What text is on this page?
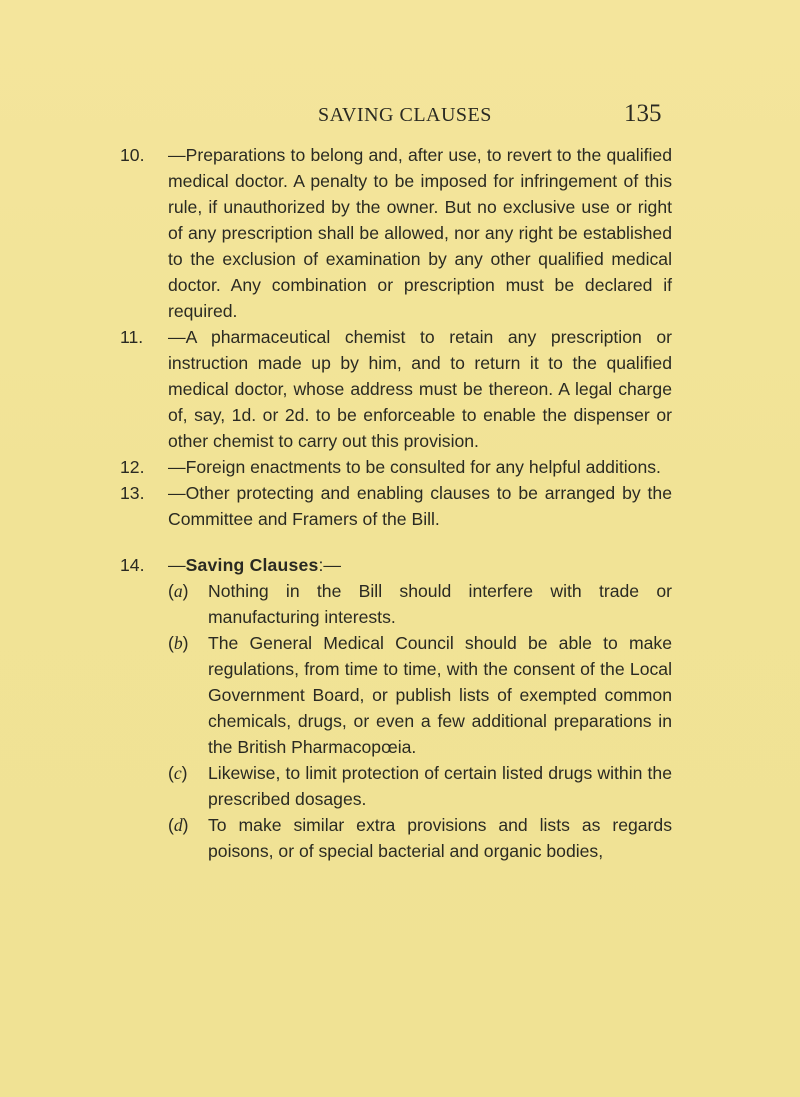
SAVING CLAUSES	135
10.	—Preparations to belong and, after use, to revert to the qualified medical doctor. A penalty to be imposed for infringement of this rule, if unauthorized by the owner. But no exclusive use or right of any prescription shall be allowed, nor any right be established to the exclusion of examination by any other qualified medical doctor. Any combination or prescription must be declared if required.
11.	—A pharmaceutical chemist to retain any prescription or instruction made up by him, and to return it to the qualified medical doctor, whose address must be thereon. A legal charge of, say, 1d. or 2d. to be enforceable to enable the dispenser or other chemist to carry out this provision.
12.	—Foreign enactments to be consulted for any helpful additions.
13.	—Other protecting and enabling clauses to be arranged by the Committee and Framers of the Bill.
14.	—Saving Clauses:—
(a)	Nothing in the Bill should interfere with trade or manufacturing interests.
(b)	The General Medical Council should be able to make regulations, from time to time, with the consent of the Local Government Board, or publish lists of exempted common chemicals, drugs, or even a few additional preparations in the British Pharmacopœia.
(c)	Likewise, to limit protection of certain listed drugs within the prescribed dosages.
(d)	To make similar extra provisions and lists as regards poisons, or of special bacterial and organic bodies,
